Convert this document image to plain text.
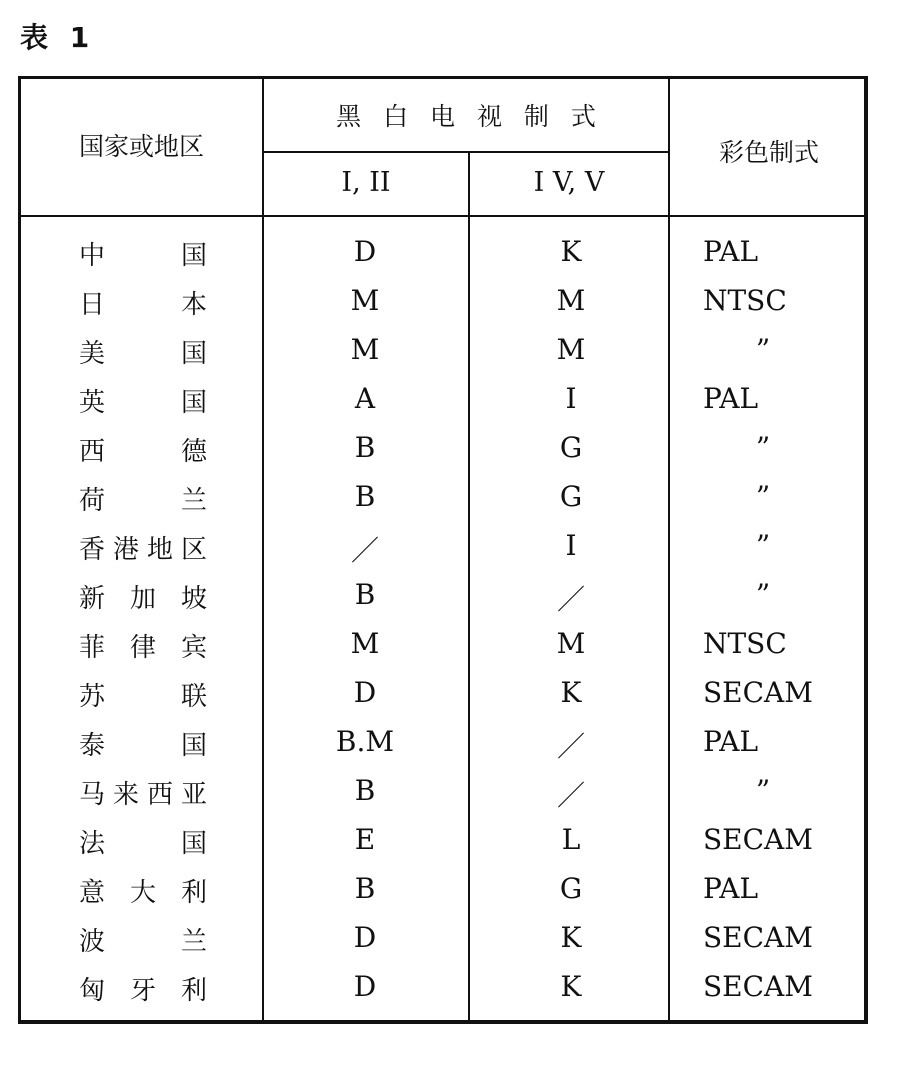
表 1
国家或地区
黑 白 电 视 制 式
I, II	I V, V
彩色制式
中国	D	K	PAL
日本	M	M	NTSC
美国	M	M	”
英国	A	I	PAL
西德	B	G	”
荷兰	B	G	”
香港地区	／	I	”
新加坡	B	／	”
菲律宾	M	M	NTSC
苏联	D	K	SECAM
泰国	B.M	／	PAL
马来西亚	B	／	”
法国	E	L	SECAM
意大利	B	G	PAL
波兰	D	K	SECAM
匈牙利	D	K	SECAM
